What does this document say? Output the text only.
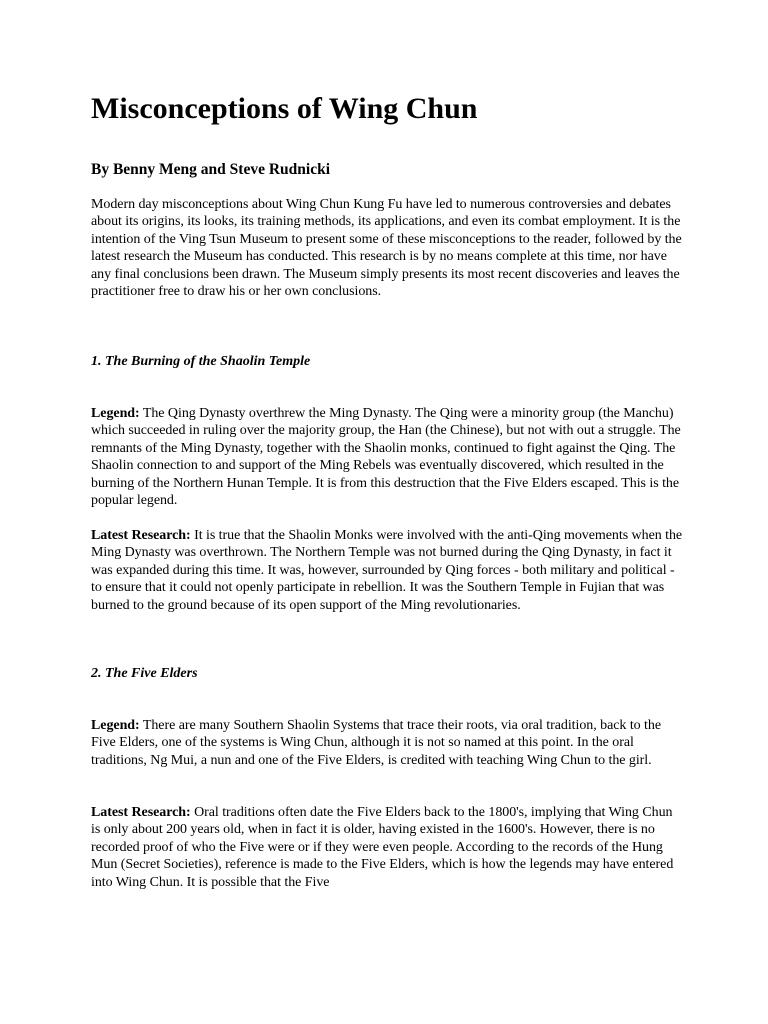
Misconceptions of Wing Chun

By Benny Meng and Steve Rudnicki

Modern day misconceptions about Wing Chun Kung Fu have led to numerous controversies and debates about its origins, its looks, its training methods, its applications, and even its combat employment. It is the intention of the Ving Tsun Museum to present some of these misconceptions to the reader, followed by the latest research the Museum has conducted. This research is by no means complete at this time, nor have any final conclusions been drawn. The Museum simply presents its most recent discoveries and leaves the practitioner free to draw his or her own conclusions.

1. The Burning of the Shaolin Temple

Legend: The Qing Dynasty overthrew the Ming Dynasty. The Qing were a minority group (the Manchu) which succeeded in ruling over the majority group, the Han (the Chinese), but not with out a struggle. The remnants of the Ming Dynasty, together with the Shaolin monks, continued to fight against the Qing. The Shaolin connection to and support of the Ming Rebels was eventually discovered, which resulted in the burning of the Northern Hunan Temple. It is from this destruction that the Five Elders escaped. This is the popular legend.

Latest Research: It is true that the Shaolin Monks were involved with the anti-Qing movements when the Ming Dynasty was overthrown. The Northern Temple was not burned during the Qing Dynasty, in fact it was expanded during this time. It was, however, surrounded by Qing forces - both military and political - to ensure that it could not openly participate in rebellion. It was the Southern Temple in Fujian that was burned to the ground because of its open support of the Ming revolutionaries.

2. The Five Elders

Legend: There are many Southern Shaolin Systems that trace their roots, via oral tradition, back to the Five Elders, one of the systems is Wing Chun, although it is not so named at this point. In the oral traditions, Ng Mui, a nun and one of the Five Elders, is credited with teaching Wing Chun to the girl.

Latest Research: Oral traditions often date the Five Elders back to the 1800's, implying that Wing Chun is only about 200 years old, when in fact it is older, having existed in the 1600's. However, there is no recorded proof of who the Five were or if they were even people. According to the records of the Hung Mun (Secret Societies), reference is made to the Five Elders, which is how the legends may have entered into Wing Chun. It is possible that the Five
